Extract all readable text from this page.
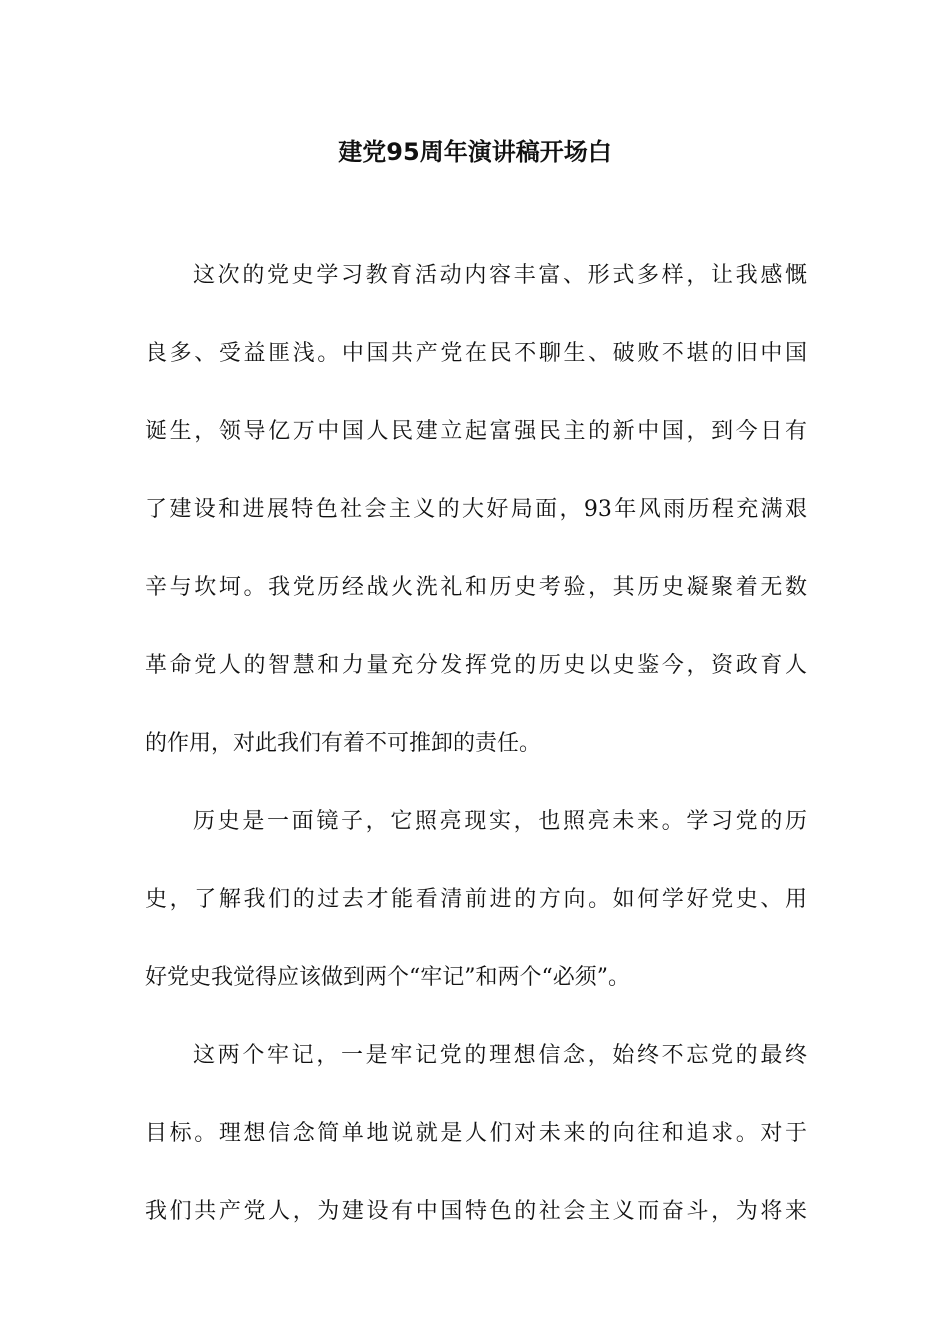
建党95周年演讲稿开场白
这次的党史学习教育活动内容丰富、形式多样，让我感慨
良多、受益匪浅。中国共产党在民不聊生、破败不堪的旧中国
诞生，领导亿万中国人民建立起富强民主的新中国，到今日有
了建设和进展特色社会主义的大好局面，93年风雨历程充满艰
辛与坎坷。我党历经战火洗礼和历史考验，其历史凝聚着无数
革命党人的智慧和力量充分发挥党的历史以史鉴今，资政育人
的作用，对此我们有着不可推卸的责任。
历史是一面镜子，它照亮现实，也照亮未来。学习党的历
史，了解我们的过去才能看清前进的方向。如何学好党史、用
好党史我觉得应该做到两个“牢记”和两个“必须”。
这两个牢记，一是牢记党的理想信念，始终不忘党的最终
目标。理想信念简单地说就是人们对未来的向往和追求。对于
我们共产党人，为建设有中国特色的社会主义而奋斗，为将来
